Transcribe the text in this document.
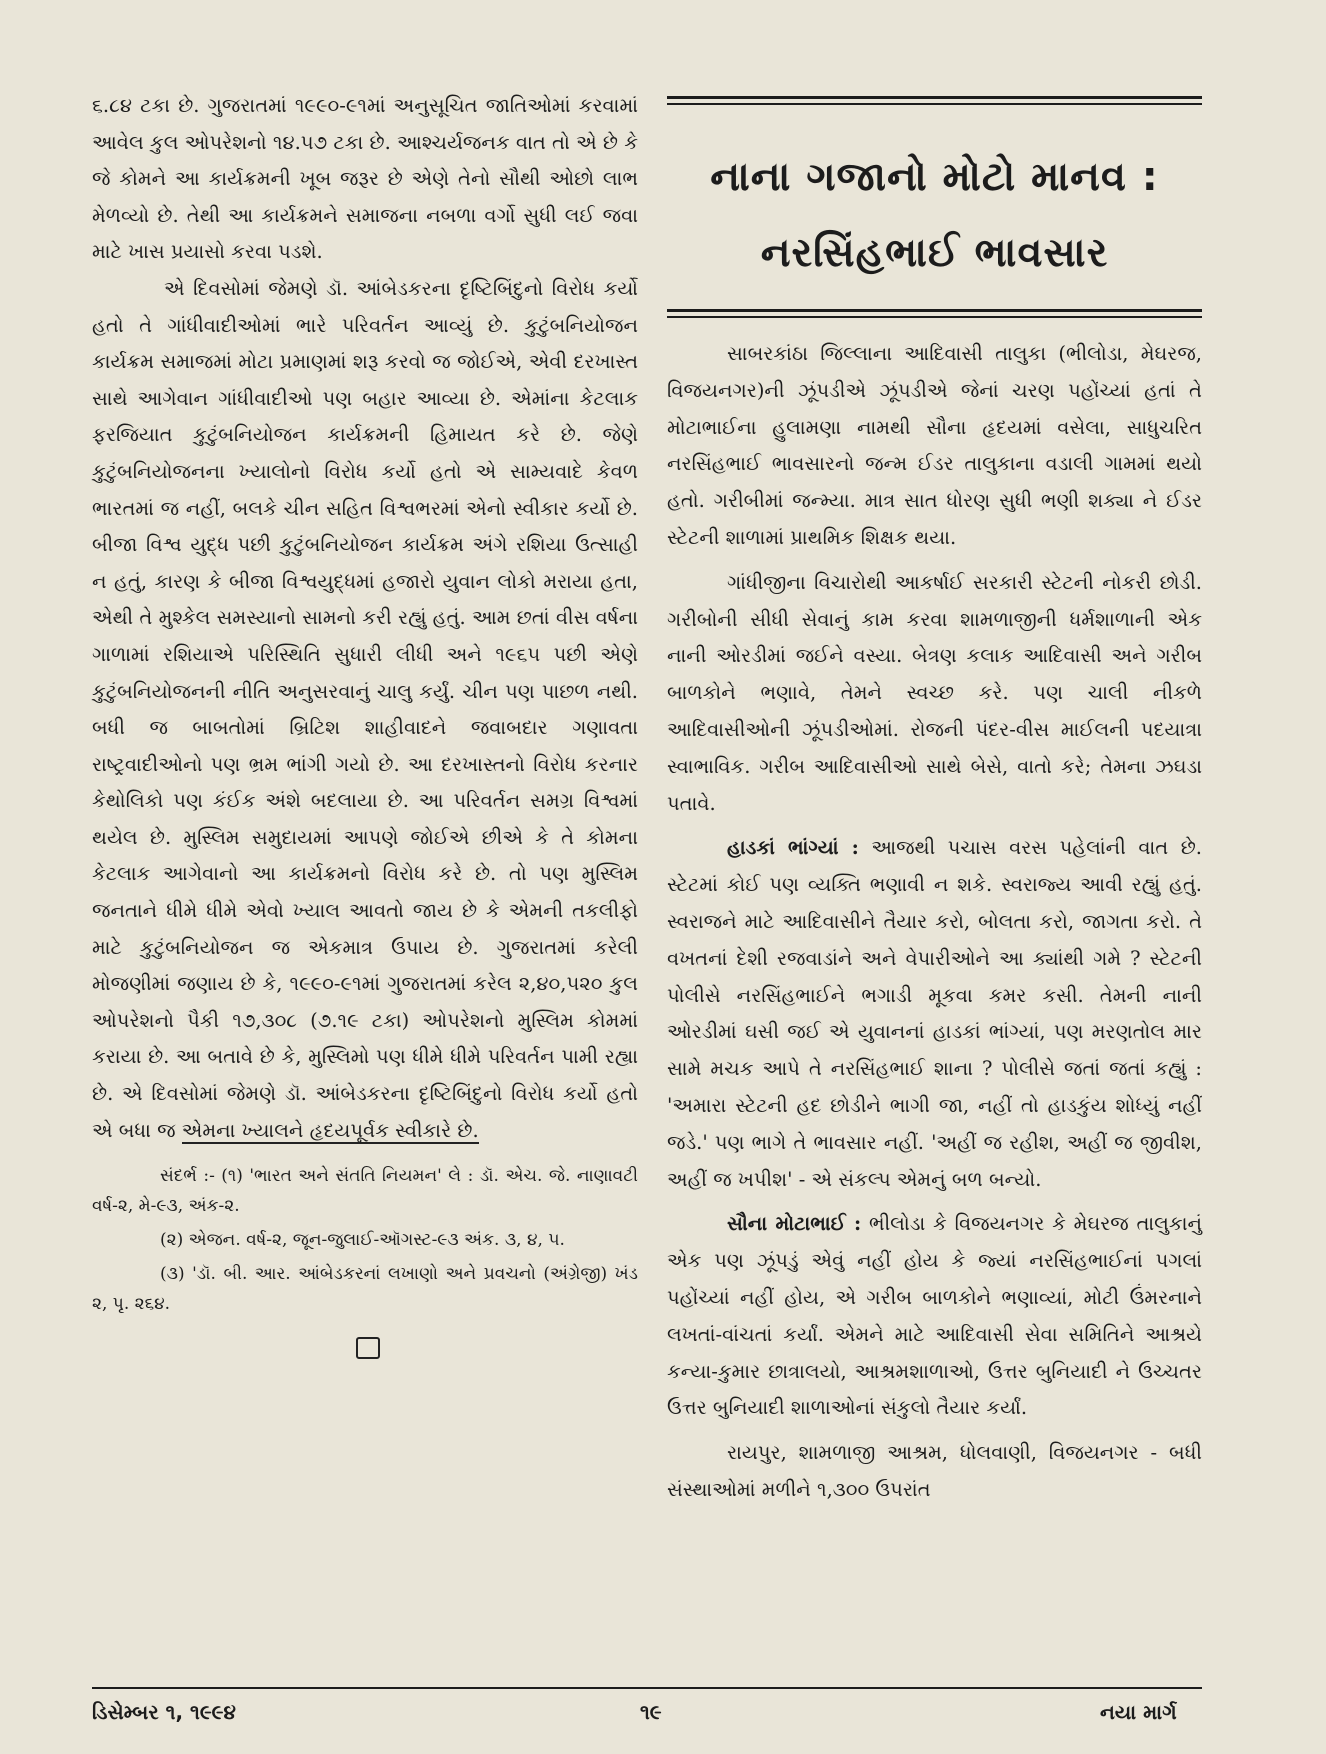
૬.૮૪ ટકા છે. ગુજરાતમાં ૧૯૯૦-૯૧માં અનુસૂચિત જાતિઓમાં કરવામાં આવેલ કુલ ઓપરેશનો ૧૪.૫૭ ટકા છે. આશ્ચર્યજનક વાત તો એ છે કે જે કોમને આ કાર્યક્રમની ખૂબ જરૂર છે એણે તેનો સૌથી ઓછો લાભ મેળવ્યો છે. તેથી આ કાર્યક્રમને સમાજના નબળા વર્ગો સુધી લઈ જવા માટે ખાસ પ્રયાસો કરવા પડશે.

એ દિવસોમાં જેમણે ડૉ. આંબેડકરના દૃષ્ટિબિંદુનો વિરોધ કર્યો હતો તે ગાંધીવાદીઓમાં ભારે પરિવર્તન આવ્યું છે. કુટુંબનિયોજન કાર્યક્રમ સમાજમાં મોટા પ્રમાણમાં શરૂ કરવો જ જોઈએ, એવી દરખાસ્ત સાથે આગેવાન ગાંધીવાદીઓ પણ બહાર આવ્યા છે. એમાંના કેટલાક ફરજિયાત કુટુંબનિયોજન કાર્યક્રમની હિમાયત કરે છે. જેણે કુટુંબનિયોજનના ખ્યાલોનો વિરોધ કર્યો હતો એ સામ્યવાદે કેવળ ભારતમાં જ નહીં, બલકે ચીન સહિત વિશ્વભરમાં એનો સ્વીકાર કર્યો છે. બીજા વિશ્વ યુદ્ધ પછી કુટુંબનિયોજન કાર્યક્રમ અંગે રશિયા ઉત્સાહી ન હતું, કારણ કે બીજા વિશ્વયુદ્ધમાં હજારો યુવાન લોકો મરાયા હતા, એથી તે મુશ્કેલ સમસ્યાનો સામનો કરી રહ્યું હતું. આમ છતાં વીસ વર્ષના ગાળામાં રશિયાએ પરિસ્થિતિ સુધારી લીધી અને ૧૯૬૫ પછી એણે કુટુંબનિયોજનની નીતિ અનુસરવાનું ચાલુ કર્યું. ચીન પણ પાછળ નથી. બધી જ બાબતોમાં બ્રિટિશ શાહીવાદને જવાબદાર ગણાવતા રાષ્ટ્રવાદીઓનો પણ ભ્રમ ભાંગી ગયો છે. આ દરખાસ્તનો વિરોધ કરનાર કેથોલિકો પણ કંઈક અંશે બદલાયા છે. આ પરિવર્તન સમગ્ર વિશ્વમાં થયેલ છે. મુસ્લિમ સમુદાયમાં આપણે જોઈએ છીએ કે તે કોમના કેટલાક આગેવાનો આ કાર્યક્રમનો વિરોધ કરે છે. તો પણ મુસ્લિમ જનતાને ધીમે ધીમે એવો ખ્યાલ આવતો જાય છે કે એમની તકલીફો માટે કુટુંબનિયોજન જ એકમાત્ર ઉપાય છે. ગુજરાતમાં કરેલી મોજણીમાં જણાય છે કે, ૧૯૯૦-૯૧માં ગુજરાતમાં કરેલ ૨,૪૦,૫૨૦ કુલ ઓપરેશનો પૈકી ૧૭,૩૦૮ (૭.૧૯ ટકા) ઓપરેશનો મુસ્લિમ કોમમાં કરાયા છે. આ બતાવે છે કે, મુસ્લિમો પણ ધીમે ધીમે પરિવર્તન પામી રહ્યા છે. એ દિવસોમાં જેમણે ડૉ. આંબેડકરના દૃષ્ટિબિંદુનો વિરોધ કર્યો હતો એ બધા જ એમના ખ્યાલને હૃદયપૂર્વક સ્વીકારે છે.

સંદર્ભ :- (૧) 'ભારત અને સંતતિ નિયમન' લે : ડૉ. એચ. જે. નાણાવટી વર્ષ-૨, મે-૯૩, અંક-૨.

(૨) એજન. વર્ષ-૨, જૂન-જુલાઈ-ઑગસ્ટ-૯૩ અંક. ૩, ૪, ૫.

(૩) 'ડૉ. બી. આર. આંબેડકરનાં લખાણો અને પ્રવચનો (અંગ્રેજી) ખંડ ૨, પૃ. ૨૬૪.

નાના ગજાનો મોટો માનવ :
નરસિંહભાઈ ભાવસાર

સાબરકાંઠા જિલ્લાના આદિવાસી તાલુકા (ભીલોડા, મેઘરજ, વિજયનગર)ની ઝૂંપડીએ ઝૂંપડીએ જેનાં ચરણ પહોંચ્યાં હતાં તે મોટાભાઈના હુલામણા નામથી સૌના હૃદયમાં વસેલા, સાધુચરિત નરસિંહભાઈ ભાવસારનો જન્મ ઈડર તાલુકાના વડાલી ગામમાં થયો હતો. ગરીબીમાં જન્મ્યા. માત્ર સાત ધોરણ સુધી ભણી શક્યા ને ઈડર સ્ટેટની શાળામાં પ્રાથમિક શિક્ષક થયા.

ગાંધીજીના વિચારોથી આકર્ષાઈ સરકારી સ્ટેટની નોકરી છોડી. ગરીબોની સીધી સેવાનું કામ કરવા શામળાજીની ધર્મશાળાની એક નાની ઓરડીમાં જઈને વસ્યા. બેત્રણ કલાક આદિવાસી અને ગરીબ બાળકોને ભણાવે, તેમને સ્વચ્છ કરે. પણ ચાલી નીકળે આદિવાસીઓની ઝૂંપડીઓમાં. રોજની પંદર-વીસ માઈલની પદયાત્રા સ્વાભાવિક. ગરીબ આદિવાસીઓ સાથે બેસે, વાતો કરે; તેમના ઝઘડા પતાવે.

હાડકાં ભાંગ્યાં : આજથી પચાસ વરસ પહેલાંની વાત છે. સ્ટેટમાં કોઈ પણ વ્યક્તિ ભણાવી ન શકે. સ્વરાજ્ય આવી રહ્યું હતું. સ્વરાજને માટે આદિવાસીને તૈયાર કરો, બોલતા કરો, જાગતા કરો. તે વખતનાં દેશી રજવાડાંને અને વેપારીઓને આ ક્યાંથી ગમે ? સ્ટેટની પોલીસે નરસિંહભાઈને ભગાડી મૂકવા કમર કસી. તેમની નાની ઓરડીમાં ઘસી જઈ એ યુવાનનાં હાડકાં ભાંગ્યાં, પણ મરણતોલ માર સામે મચક આપે તે નરસિંહભાઈ શાના ? પોલીસે જતાં જતાં કહ્યું : 'અમારા સ્ટેટની હદ છોડીને ભાગી જા, નહીં તો હાડકુંય શોધ્યું નહીં જડે.' પણ ભાગે તે ભાવસાર નહીં. 'અહીં જ રહીશ, અહીં જ જીવીશ, અહીં જ ખપીશ' - એ સંકલ્પ એમનું બળ બન્યો.

સૌના મોટાભાઈ : ભીલોડા કે વિજયનગર કે મેઘરજ તાલુકાનું એક પણ ઝૂંપડું એવું નહીં હોય કે જ્યાં નરસિંહભાઈનાં પગલાં પહોંચ્યાં નહીં હોય, એ ગરીબ બાળકોને ભણાવ્યાં, મોટી ઉંમરનાને લખતાં-વાંચતાં કર્યાં. એમને માટે આદિવાસી સેવા સમિતિને આશ્રયે કન્યા-કુમાર છાત્રાલયો, આશ્રમશાળાઓ, ઉત્તર બુનિયાદી ને ઉચ્ચતર ઉત્તર બુનિયાદી શાળાઓનાં સંકુલો તૈયાર કર્યાં.

રાયપુર, શામળાજી આશ્રમ, ધોલવાણી, વિજયનગર - બધી સંસ્થાઓમાં મળીને ૧,૩૦૦ ઉપરાંત

ડિસેમ્બર ૧, ૧૯૯૪	૧૯	નયા માર્ગ
